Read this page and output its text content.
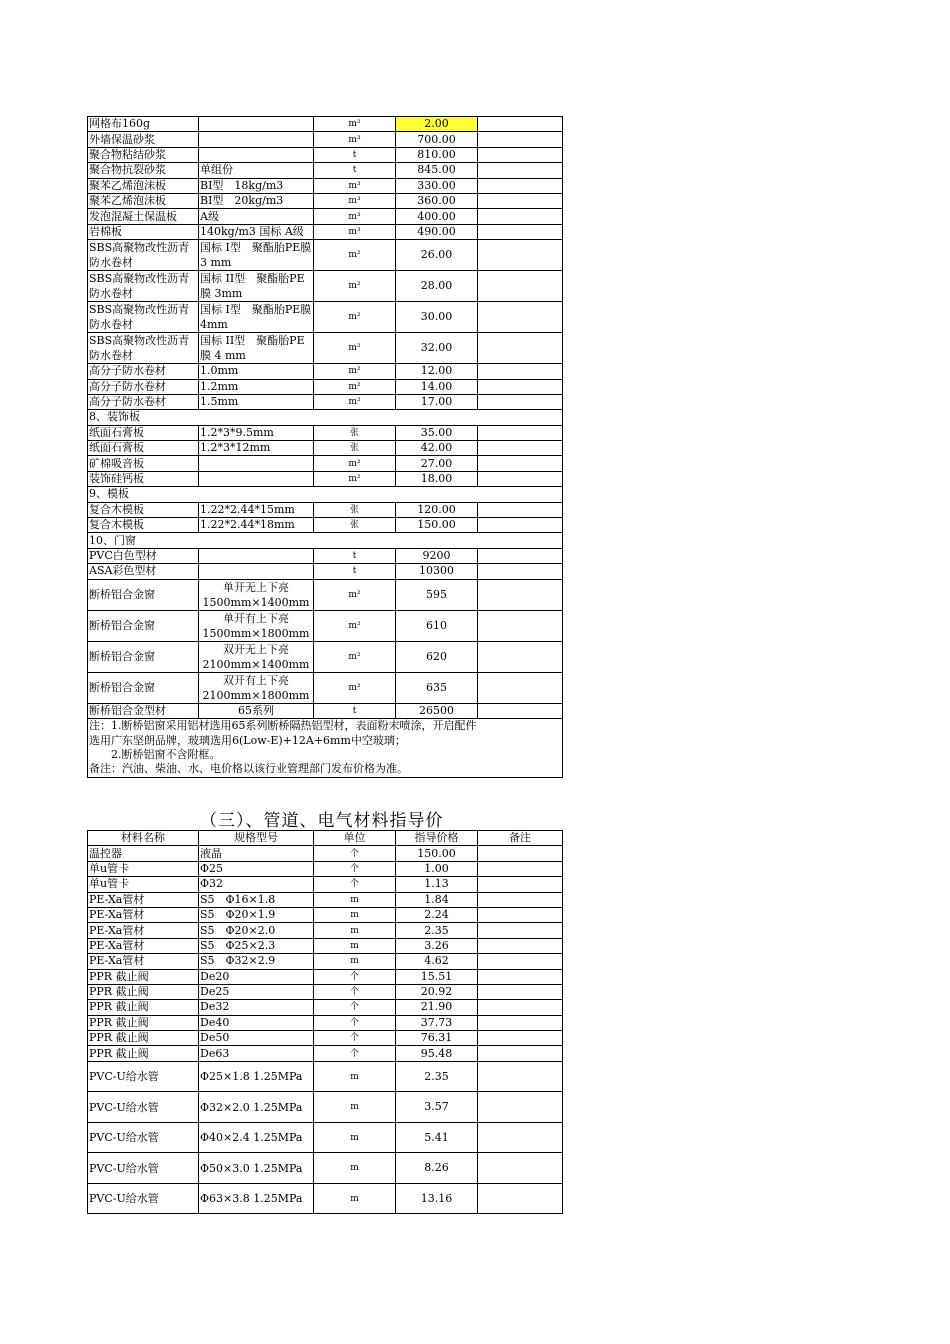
网格布160g		m²	2.00	
外墙保温砂浆		m³	700.00	
聚合物粘结砂浆		t	810.00	
聚合物抗裂砂浆	单组份	t	845.00	
聚苯乙烯泡沫板	BI型　18kg/m3	m³	330.00	
聚苯乙烯泡沫板	BI型　20kg/m3	m³	360.00	
发泡混凝土保温板	A级	m³	400.00	
岩棉板	140kg/m3 国标 A级	m³	490.00	
SBS高聚物改性沥青防水卷材	国标 I型　聚酯胎PE膜 3 mm	m²	26.00	
SBS高聚物改性沥青防水卷材	国标 II型　聚酯胎PE膜 3mm	m²	28.00	
SBS高聚物改性沥青防水卷材	国标 I型　聚酯胎PE膜 4mm	m²	30.00	
SBS高聚物改性沥青防水卷材	国标 II型　聚酯胎PE膜 4 mm	m²	32.00	
高分子防水卷材	1.0mm	m²	12.00	
高分子防水卷材	1.2mm	m²	14.00	
高分子防水卷材	1.5mm	m²	17.00	
8、装饰板				
纸面石膏板	1.2*3*9.5mm	张	35.00	
纸面石膏板	1.2*3*12mm	张	42.00	
矿棉吸音板		m²	27.00	
装饰硅钙板		m²	18.00	
9、模板				
复合木模板	1.22*2.44*15mm	张	120.00	
复合木模板	1.22*2.44*18mm	张	150.00	
10、门窗				
PVC白色型材		t	9200	
ASA彩色型材		t	10300	
断桥铝合金窗	单开无上下亮 1500mm×1400mm	m²	595	
断桥铝合金窗	单开有上下亮 1500mm×1800mm	m²	610	
断桥铝合金窗	双开无上下亮 2100mm×1400mm	m²	620	
断桥铝合金窗	双开有上下亮 2100mm×1800mm	m²	635	
断桥铝合金型材	65系列	t	26500	
注：1.断桥铝窗采用铝材选用65系列断桥隔热铝型材，表面粉末喷涂，开启配件				
选用广东坚朗品牌，玻璃选用6(Low-E)+12A+6mm中空玻璃；				
　　2.断桥铝窗不含附框。				
备注：汽油、柴油、水、电价格以该行业管理部门发布价格为准。				
（三）、管道、电气材料指导价
材料名称	规格型号	单位	指导价格	备注
温控器	液晶	个	150.00	
单u管卡	Φ25	个	1.00	
单u管卡	Φ32	个	1.13	
PE-Xa管材	S5　Φ16×1.8	m	1.84	
PE-Xa管材	S5　Φ20×1.9	m	2.24	
PE-Xa管材	S5　Φ20×2.0	m	2.35	
PE-Xa管材	S5　Φ25×2.3	m	3.26	
PE-Xa管材	S5　Φ32×2.9	m	4.62	
PPR 截止阀	De20	个	15.51	
PPR 截止阀	De25	个	20.92	
PPR 截止阀	De32	个	21.90	
PPR 截止阀	De40	个	37.73	
PPR 截止阀	De50	个	76.31	
PPR 截止阀	De63	个	95.48	
PVC-U给水管	Φ25×1.8 1.25MPa	m	2.35	
PVC-U给水管	Φ32×2.0 1.25MPa	m	3.57	
PVC-U给水管	Φ40×2.4 1.25MPa	m	5.41	
PVC-U给水管	Φ50×3.0 1.25MPa	m	8.26	
PVC-U给水管	Φ63×3.8 1.25MPa	m	13.16	
